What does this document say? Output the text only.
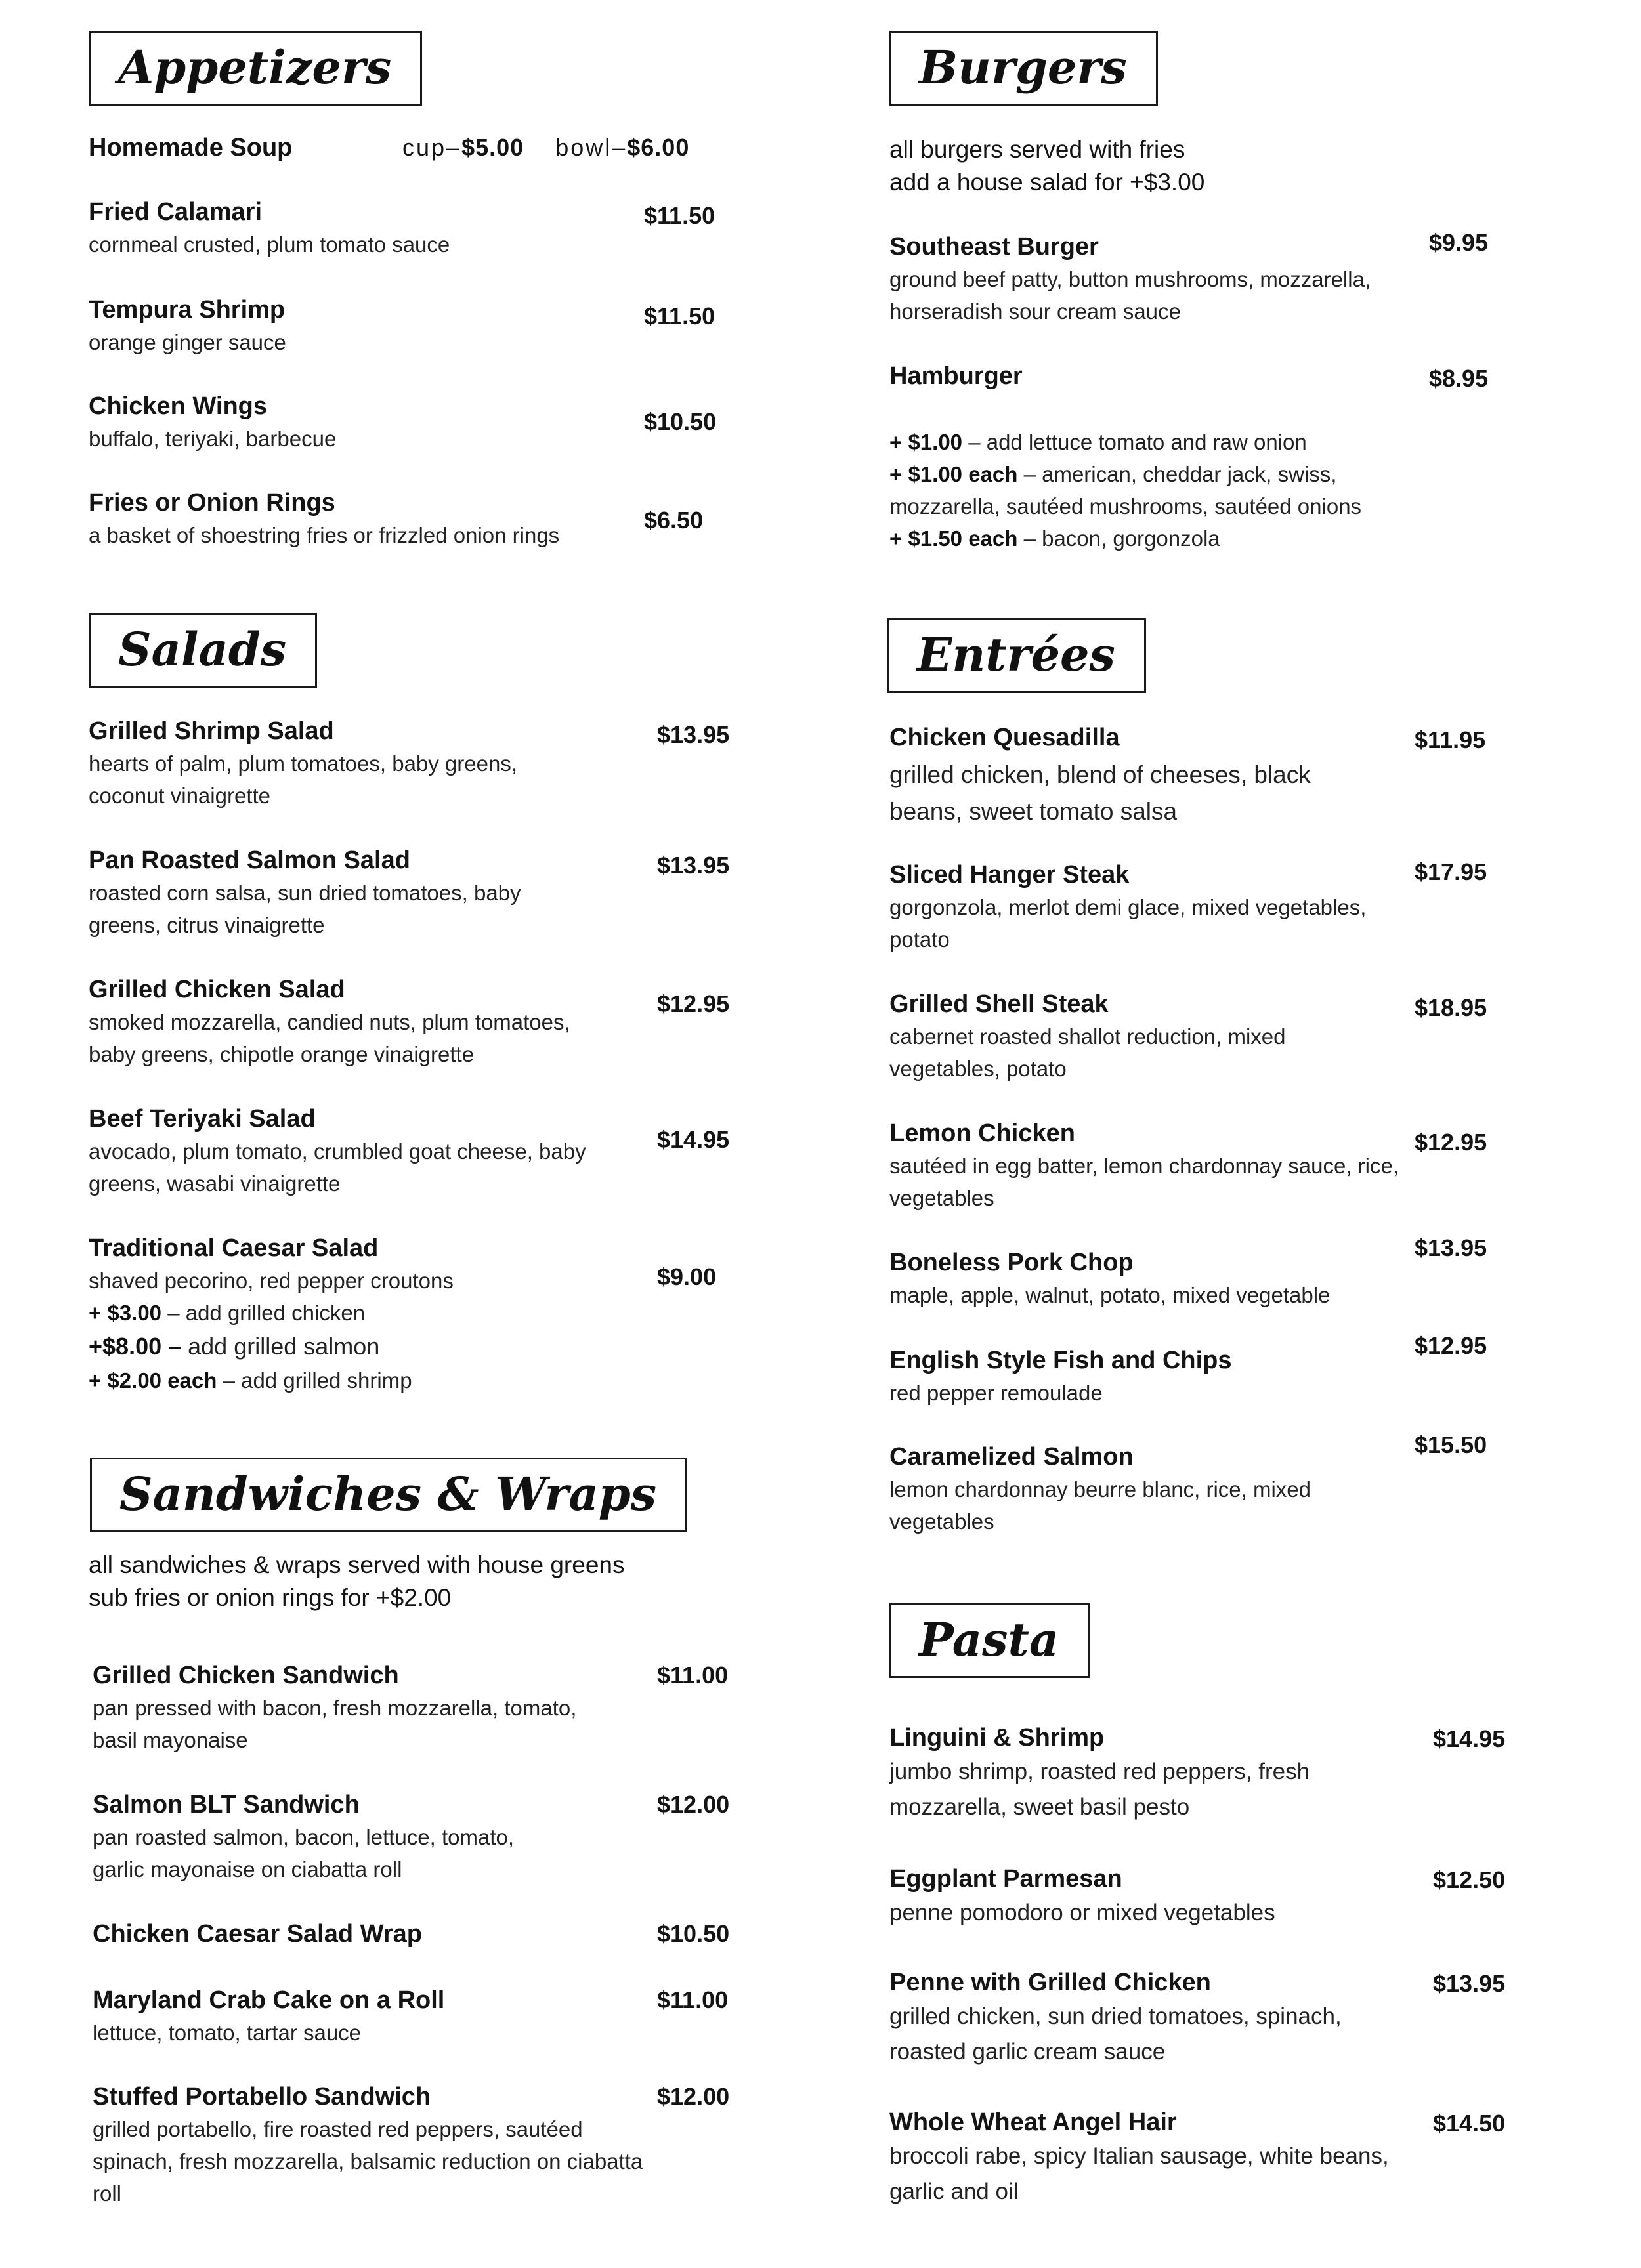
Appetizers
Homemade Soup	cup–$5.00 bowl–$6.00
Fried Calamari
cornmeal crusted, plum tomato sauce
$11.50
Tempura Shrimp
orange ginger sauce
$11.50
Chicken Wings
buffalo, teriyaki, barbecue
$10.50
Fries or Onion Rings
a basket of shoestring fries or frizzled onion rings
$6.50
Salads
Grilled Shrimp Salad
hearts of palm, plum tomatoes, baby greens, coconut vinaigrette
$13.95
Pan Roasted Salmon Salad
roasted corn salsa, sun dried tomatoes, baby greens, citrus vinaigrette
$13.95
Grilled Chicken Salad
smoked mozzarella, candied nuts, plum tomatoes, baby greens, chipotle orange vinaigrette
$12.95
Beef Teriyaki Salad
avocado, plum tomato, crumbled goat cheese, baby greens, wasabi vinaigrette
$14.95
Traditional Caesar Salad
shaved pecorino, red pepper croutons
+ $3.00 – add grilled chicken
+$8.00 – add grilled salmon
+ $2.00 each – add grilled shrimp
$9.00
Sandwiches & Wraps
all sandwiches & wraps served with house greens
sub fries or onion rings for +$2.00
Grilled Chicken Sandwich
pan pressed with bacon, fresh mozzarella, tomato, basil mayonaise
$11.00
Salmon BLT Sandwich
pan roasted salmon, bacon, lettuce, tomato, garlic mayonaise on ciabatta roll
$12.00
Chicken Caesar Salad Wrap	$10.50
Maryland Crab Cake on a Roll
lettuce, tomato, tartar sauce
$11.00
Stuffed Portabello Sandwich
grilled portabello, fire roasted red peppers, sautéed spinach, fresh mozzarella, balsamic reduction on ciabatta roll
$12.00
Burgers
all burgers served with fries
add a house salad for +$3.00
Southeast Burger
ground beef patty, button mushrooms, mozzarella, horseradish sour cream sauce
$9.95
Hamburger	$8.95
+ $1.00 – add lettuce tomato and raw onion
+ $1.00 each – american, cheddar jack, swiss, mozzarella, sautéed mushrooms, sautéed onions
+ $1.50 each – bacon, gorgonzola
Entrées
Chicken Quesadilla
grilled chicken, blend of cheeses, black beans, sweet tomato salsa
$11.95
Sliced Hanger Steak
gorgonzola, merlot demi glace, mixed vegetables, potato
$17.95
Grilled Shell Steak
cabernet roasted shallot reduction, mixed vegetables, potato
$18.95
Lemon Chicken
sautéed in egg batter, lemon chardonnay sauce, rice, vegetables
$12.95
Boneless Pork Chop
maple, apple, walnut, potato, mixed vegetable
$13.95
English Style Fish and Chips
red pepper remoulade
$12.95
Caramelized Salmon
lemon chardonnay beurre blanc, rice, mixed vegetables
$15.50
Pasta
Linguini & Shrimp
jumbo shrimp, roasted red peppers, fresh mozzarella, sweet basil pesto
$14.95
Eggplant Parmesan
penne pomodoro or mixed vegetables
$12.50
Penne with Grilled Chicken
grilled chicken, sun dried tomatoes, spinach, roasted garlic cream sauce
$13.95
Whole Wheat Angel Hair
broccoli rabe, spicy Italian sausage, white beans, garlic and oil
$14.50
